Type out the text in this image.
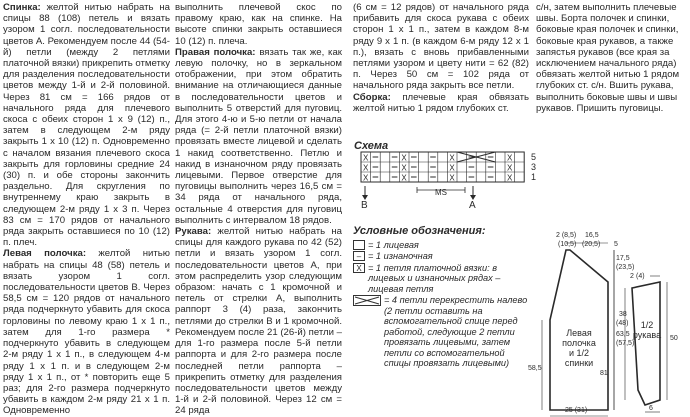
Спинка: желтой нитью набрать на спицы 88 (108) петель и вязать узором 1 согл. последовательности цветов А. Рекомендуем после 44 (54-й) петли (между 2 петлями платочной вязки) прикрепить отметку для разделения последовательности цветов между 1-й и 2-й половиной. Через 81 см = 166 рядов от начального ряда для плечевого скоса с обеих сторон 1 х 9 (12) п., затем в следующем 2-м ряду закрыть 1 х 10 (12) п. Одновременно с началом вязания плечевого скоса закрыть для горловины средние 24 (30) п. и обе стороны закончить раздельно. Для скругления по внутреннему краю закрыть в следующем 2-м ряду 1 х 3 п. Через 83 см = 170 рядов от начального ряда закрыть оставшиеся по 10 (12) п. плеч.

Левая полочка: желтой нитью набрать на спицы 48 (58) петель и вязать узором 1 согл. последовательности цветов В. Через 58,5 см = 120 рядов от начального ряда подчеркнуто убавить для скоса горловины по левому краю 1 х 1 п., затем для 1-го размера * подчеркнуто убавить в следующем 2-м ряду 1 х 1 п., в следующем 4-м ряду 1 х 1 п. и в следующем 2-м ряду 1 х 1 п., от * повторить еще 5 раз; для 2-го размера подчеркнуто убавить в каждом 2-м ряду 21 х 1 п. Одновременно

выполнить плечевой скос по правому краю, как на спинке. На высоте спинки закрыть оставшиеся 10 (12) п. плеча.

Правая полочка: вязать так же, как левую полочку, но в зеркальном отображении, при этом обратить внимание на отличающиеся данные в последовательности цветов и выполнить 5 отверстий для пуговиц. Для этого 4-ю и 5-ю петли от начала ряда (= 2-й петли платочной вязки) провязать вместе лицевой и сделать 1 накид соответственно. Петлю и накид в изнаночном ряду провязать лицевыми. Первое отверстие для пуговицы выполнить через 16,5 см = 34 ряда от начального ряда, остальные 4 отверстия для пуговиц выполнить с интервалом 18 рядов.

Рукава: желтой нитью набрать на спицы для каждого рукава по 42 (52) петли и вязать узором 1 согл. последовательности цветов А, при этом распределить узор следующим образом: начать с 1 кромочной и петель от стрелки А, выполнить раппорт 3 (4) раза, закончить петлями до стрелки В и 1 кромочной. Рекомендуем после 21 (26-й) петли – для 1-го размера после 5-й петли раппорта и для 2-го размера после последней петли раппорта – прикрепить отметку для разделения последовательности цветов между 1-й и 2-й половиной. Через 12 см = 24 ряда

(6 см = 12 рядов) от начального ряда прибавить для скоса рукава с обеих сторон 1 х 1 п., затем в каждом 8-м ряду 9 х 1 п. (в каждом 6-м ряду 12 х 1 п.), вязать с вновь прибавленными петлями узором и цвету нити = 62 (82) п. Через 50 см = 102 ряда от начального ряда закрыть все петли.

Сборка: плечевые края обвязать желтой нитью 1 рядом глубоких ст.

с/н, затем выполнить плечевые швы. Борта полочек и спинки, боковые края полочек и спинки, боковые края рукавов, а также запястья рукавов (все края за исключением начального ряда) обвязать желтой нитью 1 рядом глубоких ст. с/н. Вшить рукава, выполнить боковые швы и швы рукавов. Пришить пуговицы.

Схема
X	X	X	X
X	X	X	X
X	X	X	X
5
3
1
B	A
MS
Условные обозначения:
= 1 лицевая
– = 1 изнаночная
X = 1 петля платочной вязки: в лицевых и изнаночных рядах – лицевая петля
= 4 петли перекрестить налево (2 петли оставить на вспомогательной спице перед работой, следующие 2 петли провязать лицевыми, затем петли со вспомогательной спицы провязать лицевыми)
Левая
полочка
и 1/2
спинки
1/2
рукава
2 (8,5)
(10,5)
16,5
(20,5) 5
17,5
(23,5)
63,5
(57,5)
81
58,5
25 (31)
38
(48)
50
2 (4)
6
